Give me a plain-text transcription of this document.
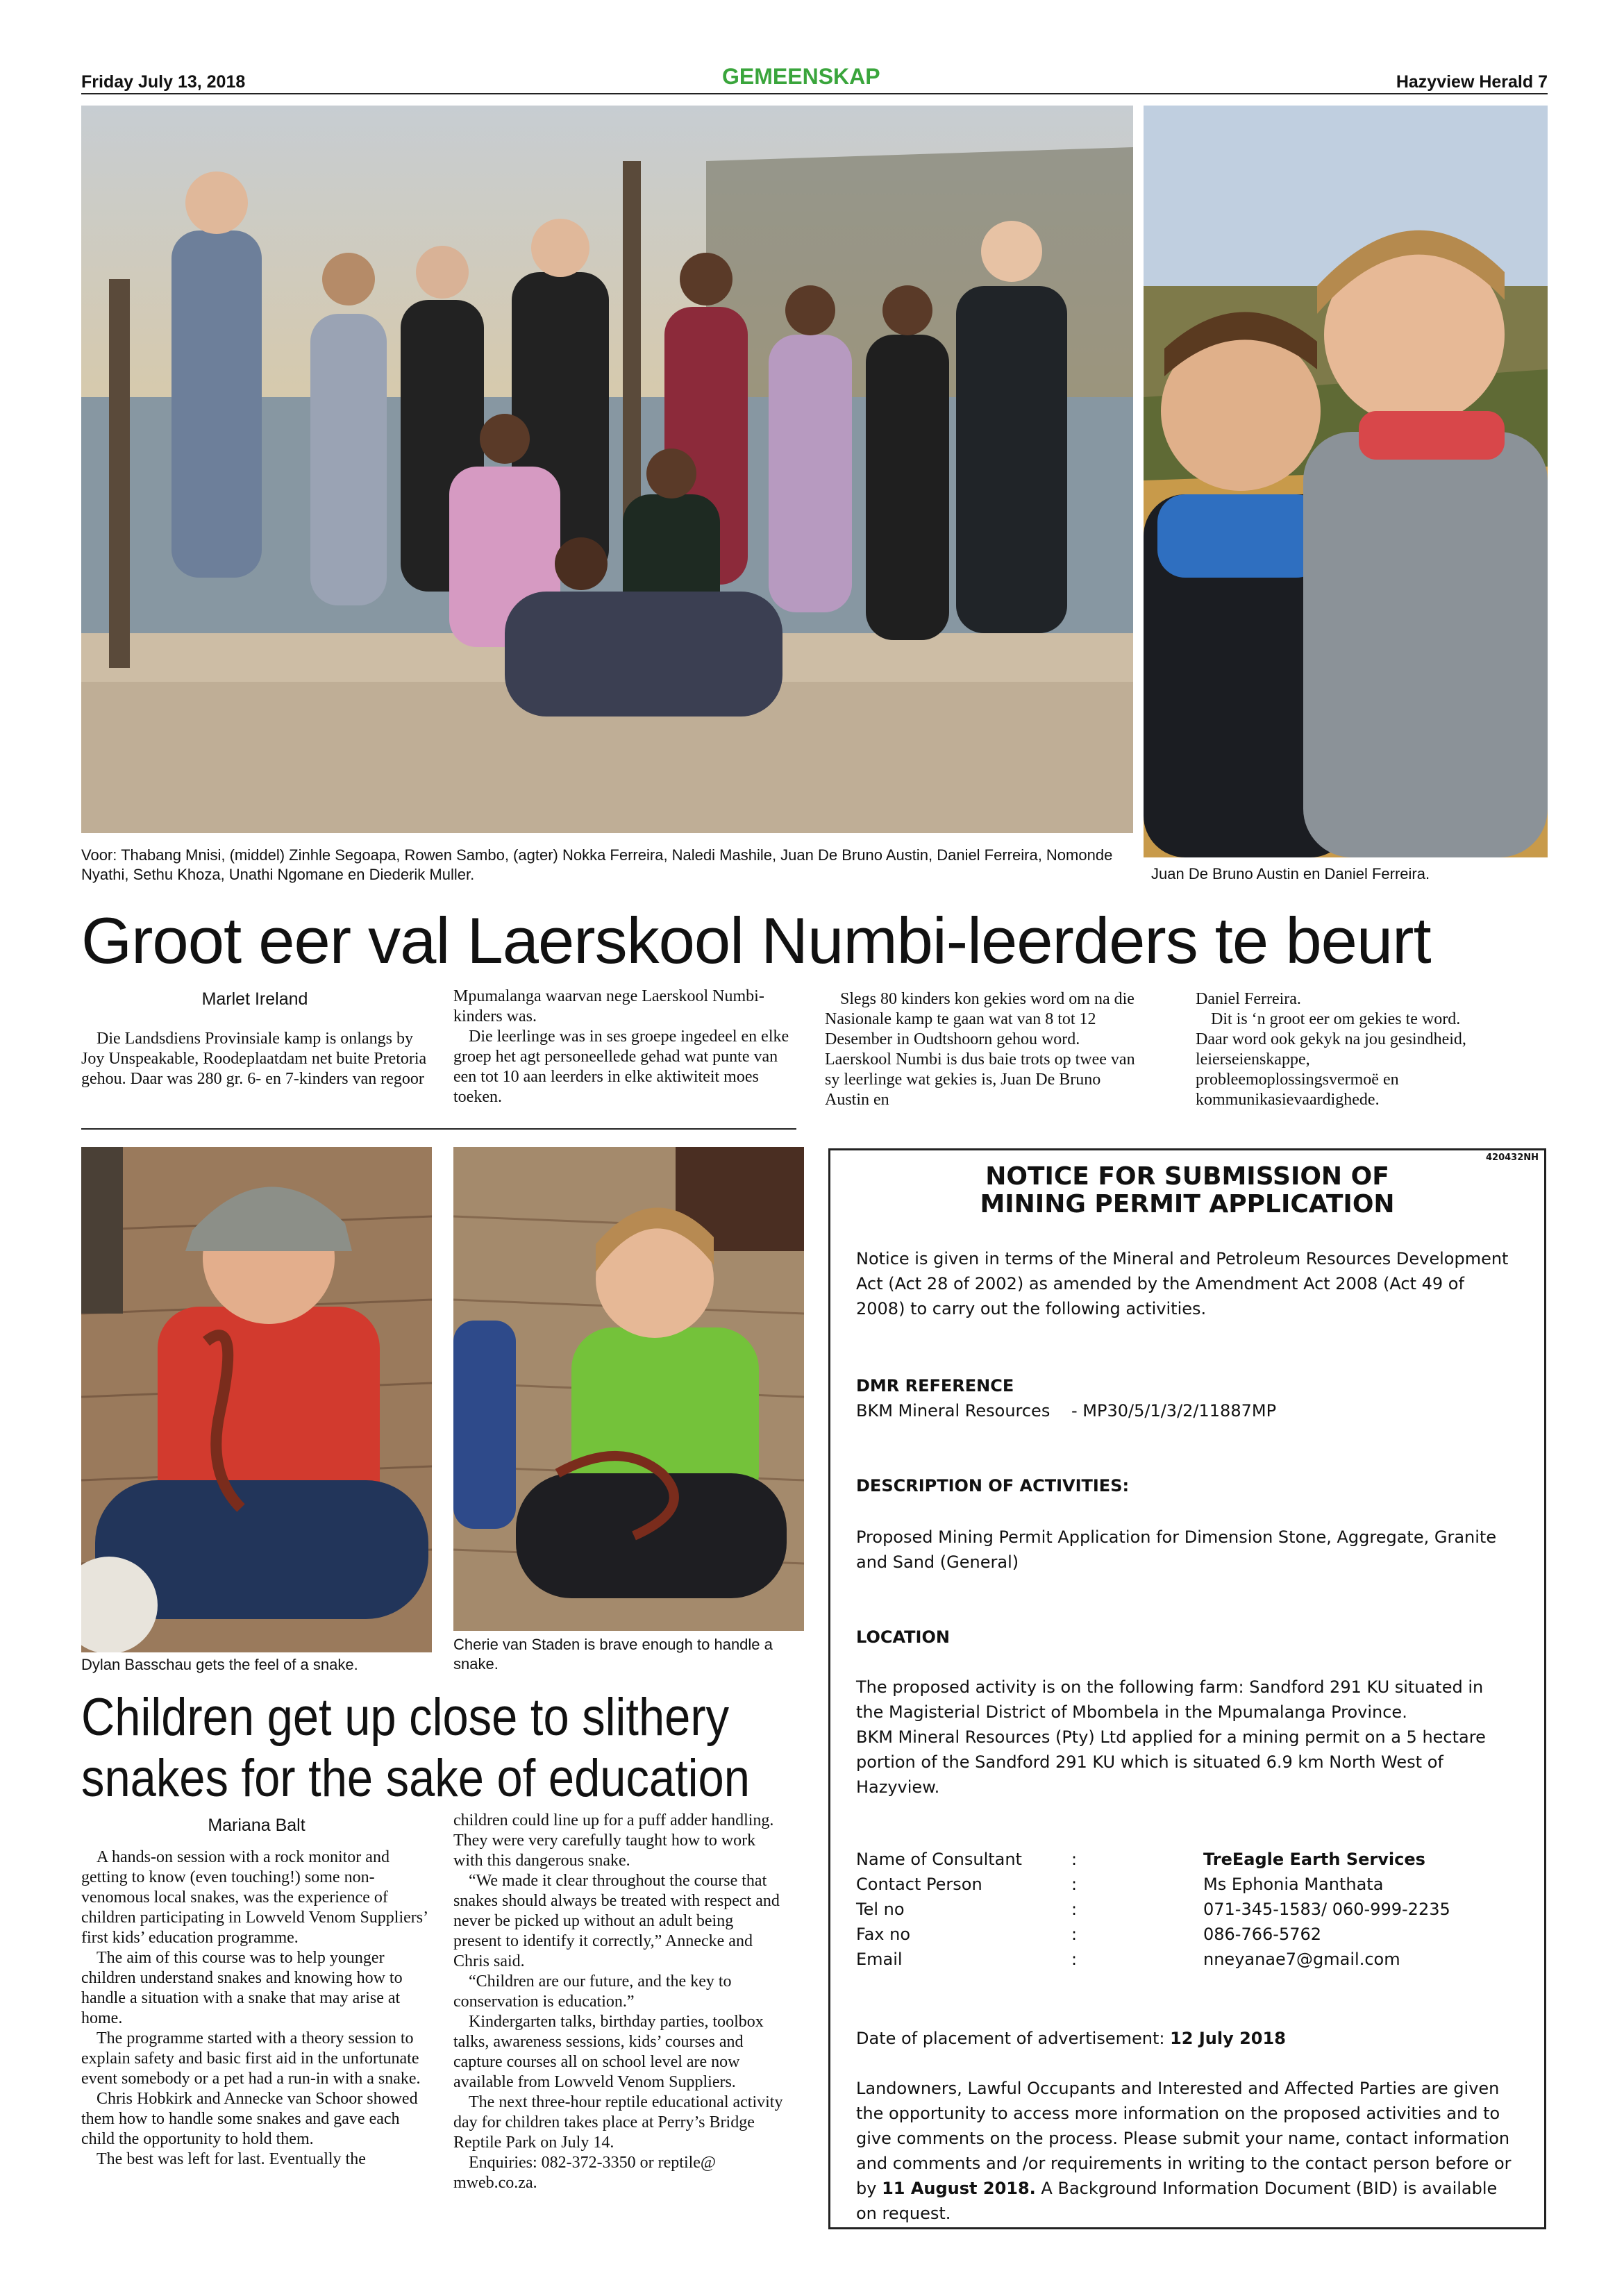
Friday July 13, 2018	GEMEENSKAP	Hazyview Herald 7
Voor: Thabang Mnisi, (middel) Zinhle Segoapa, Rowen Sambo, (agter) Nokka Ferreira, Naledi Mashile, Juan De Bruno Austin, Daniel Ferreira, Nomonde Nyathi, Sethu Khoza, Unathi Ngomane en Diederik Muller.	Juan De Bruno Austin en Daniel Ferreira.
Groot eer val Laerskool Numbi-leerders te beurt
Marlet Ireland

Die Landsdiens Provinsiale kamp is onlangs by Joy Unspeakable, Roodeplaatdam net buite Pretoria gehou. Daar was 280 gr. 6- en 7-kinders van regoor

Mpumalanga waarvan nege Laerskool Numbi-kinders was.

Die leerlinge was in ses groepe ingedeel en elke groep het agt personeellede gehad wat punte van een tot 10 aan leerders in elke aktiwiteit moes toeken.

Slegs 80 kinders kon gekies word om na die Nasionale kamp te gaan wat van 8 tot 12 Desember in Oudtshoorn gehou word. Laerskool Numbi is dus baie trots op twee van sy leerlinge wat gekies is, Juan De Bruno Austin en

Daniel Ferreira.

Dit is ‘n groot eer om gekies te word. Daar word ook gekyk na jou gesindheid, leierseienskappe, probleemoplossingsvermoë en kommunikasievaardighede.

Dylan Basschau gets the feel of a snake.
Cherie van Staden is brave enough to handle a snake.
Children get up close to slithery snakes for the sake of education
Mariana Balt

A hands-on session with a rock monitor and getting to know (even touching!) some non-venomous local snakes, was the experience of children participating in Lowveld Venom Suppliers’ first kids’ education programme.

The aim of this course was to help younger children understand snakes and knowing how to handle a situation with a snake that may arise at home.

The programme started with a theory session to explain safety and basic first aid in the unfortunate event somebody or a pet had a run-in with a snake.

Chris Hobkirk and Annecke van Schoor showed them how to handle some snakes and gave each child the opportunity to hold them.

The best was left for last. Eventually the

children could line up for a puff adder handling. They were very carefully taught how to work with this dangerous snake.

“We made it clear throughout the course that snakes should always be treated with respect and never be picked up without an adult being present to identify it correctly,” Annecke and Chris said.

“Children are our future, and the key to conservation is education.”

Kindergarten talks, birthday parties, toolbox talks, awareness sessions, kids’ courses and capture courses all on school level are now available from Lowveld Venom Suppliers.

The next three-hour reptile educational activity day for children takes place at Perry’s Bridge Reptile Park on July 14.

Enquiries: 082-372-3350 or reptile@ mweb.co.za.

420432NH
NOTICE FOR SUBMISSION OF
MINING PERMIT APPLICATION
Notice is given in terms of the Mineral and Petroleum Resources Development Act (Act 28 of 2002) as amended by the Amendment Act 2008 (Act 49 of 2008) to carry out the following activities.
DMR REFERENCE
BKM Mineral Resources - MP30/5/1/3/2/11887MP
DESCRIPTION OF ACTIVITIES:
Proposed Mining Permit Application for Dimension Stone, Aggregate, Granite and Sand (General)
LOCATION
The proposed activity is on the following farm: Sandford 291 KU situated in the Magisterial District of Mbombela in the Mpumalanga Province.
BKM Mineral Resources (Pty) Ltd applied for a mining permit on a 5 hectare portion of the Sandford 291 KU which is situated 6.9 km North West of Hazyview.
Name of Consultant	:	TreEagle Earth Services
Contact Person	:	Ms Ephonia Manthata
Tel no	:	071-345-1583/ 060-999-2235
Fax no	:	086-766-5762
Email	:	nneyanae7@gmail.com
Date of placement of advertisement: 12 July 2018
Landowners, Lawful Occupants and Interested and Affected Parties are given the opportunity to access more information on the proposed activities and to give comments on the process. Please submit your name, contact information and comments and /or requirements in writing to the contact person before or by 11 August 2018. A Background Information Document (BID) is available on request.
